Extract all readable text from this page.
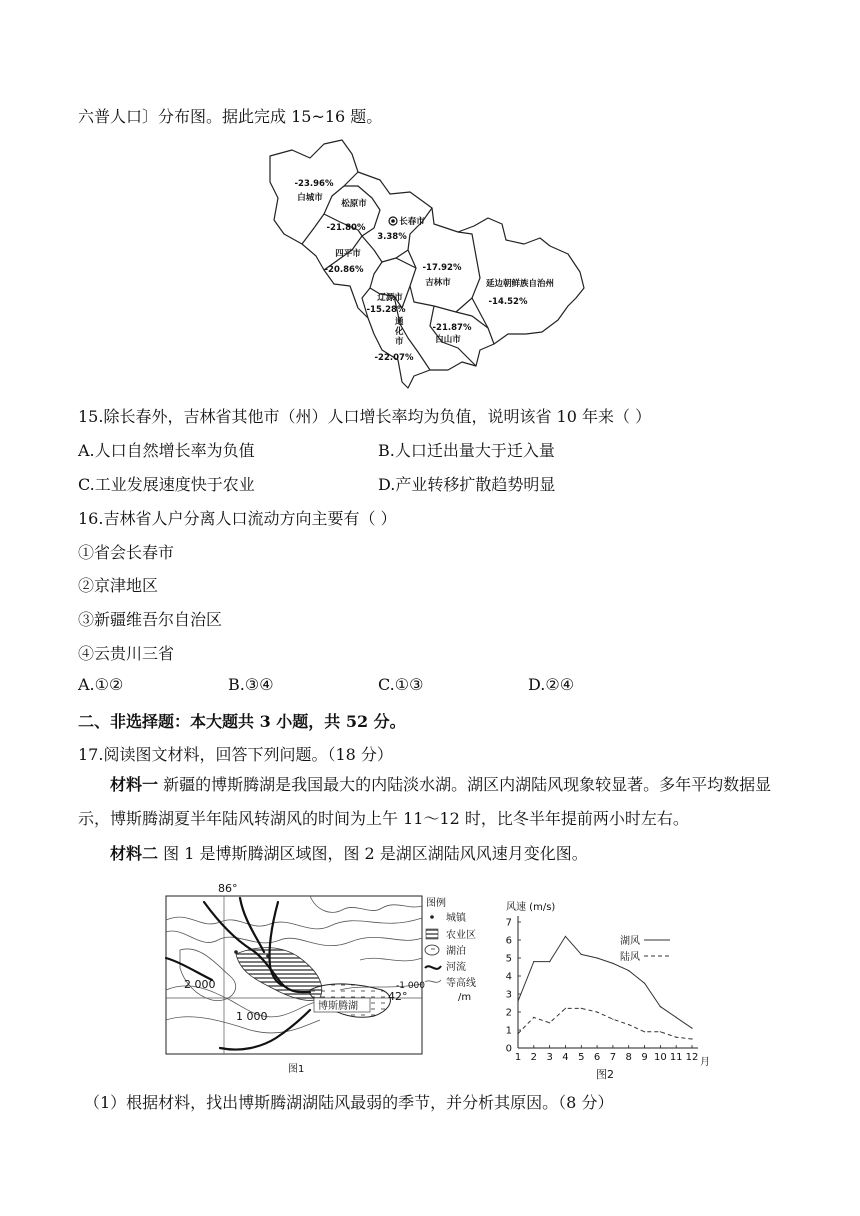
六普人口〕分布图。据此完成 15~16 题。
-23.96%
白城市
松原市
-21.80%
长春市
3.38%
四平市
-20.86%	-17.92%
吉林市	延边朝鲜族自治州
-14.52%
辽源市
-15.28%
-21.87%
白山市
-22.07%
通
化
市
15.除长春外，吉林省其他市（州）人口增长率均为负值，说明该省 10 年来（ ）
A.人口自然增长率为负值	B.人口迁出量大于迁入量
C.工业发展速度快于农业	D.产业转移扩散趋势明显
16.吉林省人户分离人口流动方向主要有（ ）
①省会长春市
②京津地区
③新疆维吾尔自治区
④云贵川三省
A.①②	B.③④	C.①③	D.②④
二、非选择题：本大题共 3 小题，共 52 分。
17.阅读图文材料，回答下列问题。（18 分）
材料一 新疆的博斯腾湖是我国最大的内陆淡水湖。湖区内湖陆风现象较显著。多年平均数据显示，博斯腾湖夏半年陆风转湖风的时间为上午 11～12 时，比冬半年提前两小时左右。
材料二 图 1 是博斯腾湖区域图，图 2 是湖区湖陆风风速月变化图。
86°
2 000
1 000
42°
-1 000
博斯腾湖
图1
图例
城镇
农业区
湖泊
河流
等高线
/m
风速 (m/s)
0
1
2
3
4
5
6
7
1 2 3 4 5 6 7 8 9 10 11 12
湖风
陆风
月
图2
（1）根据材料，找出博斯腾湖湖陆风最弱的季节，并分析其原因。（8 分）
